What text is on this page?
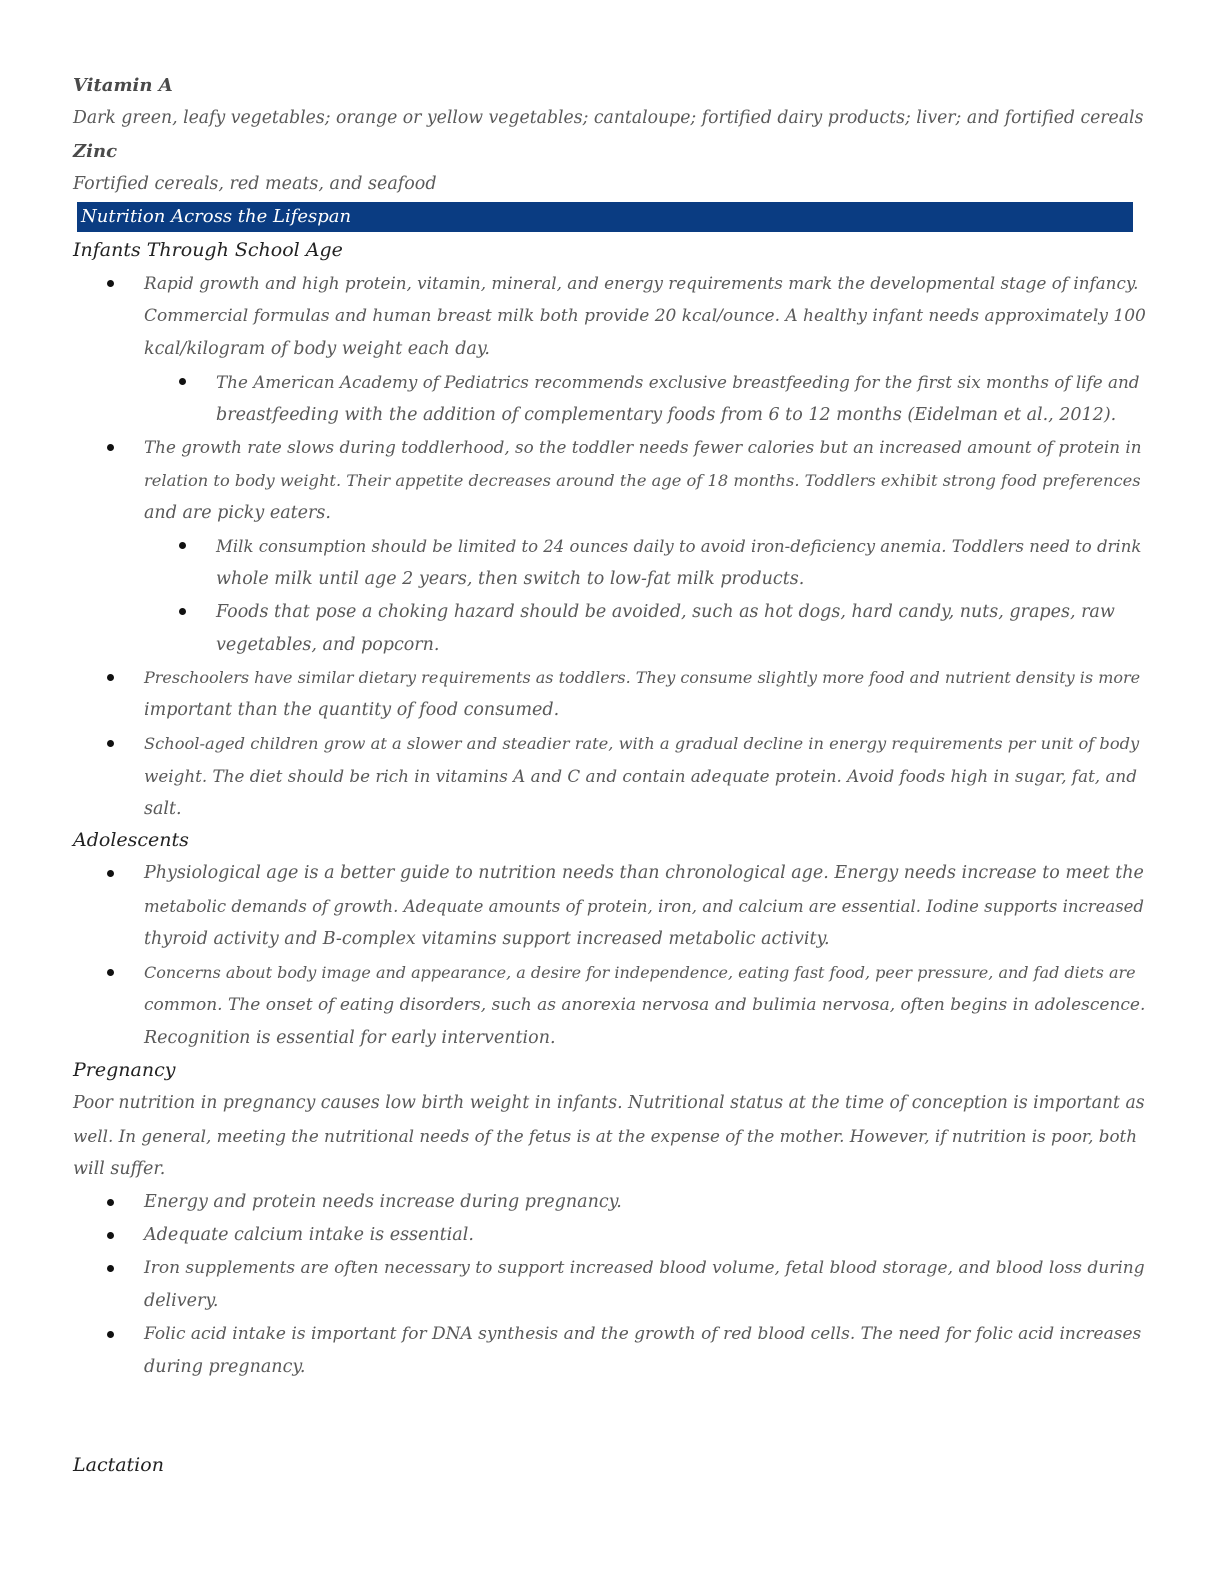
Vitamin A
Dark green, leafy vegetables; orange or yellow vegetables; cantaloupe; fortified dairy products; liver; and fortified cereals
Zinc
Fortified cereals, red meats, and seafood
Nutrition Across the Lifespan
Infants Through School Age
Rapid growth and high protein, vitamin, mineral, and energy requirements mark the developmental stage of infancy.
Commercial formulas and human breast milk both provide 20 kcal/ounce. A healthy infant needs approximately 100
kcal/kilogram of body weight each day.
The American Academy of Pediatrics recommends exclusive breastfeeding for the first six months of life and
breastfeeding with the addition of complementary foods from 6 to 12 months (Eidelman et al., 2012).
The growth rate slows during toddlerhood, so the toddler needs fewer calories but an increased amount of protein in
relation to body weight. Their appetite decreases around the age of 18 months. Toddlers exhibit strong food preferences
and are picky eaters.
Milk consumption should be limited to 24 ounces daily to avoid iron-deficiency anemia. Toddlers need to drink
whole milk until age 2 years, then switch to low-fat milk products.
Foods that pose a choking hazard should be avoided, such as hot dogs, hard candy, nuts, grapes, raw
vegetables, and popcorn.
Preschoolers have similar dietary requirements as toddlers. They consume slightly more food and nutrient density is more
important than the quantity of food consumed.
School-aged children grow at a slower and steadier rate, with a gradual decline in energy requirements per unit of body
weight. The diet should be rich in vitamins A and C and contain adequate protein. Avoid foods high in sugar, fat, and
salt.
Adolescents
Physiological age is a better guide to nutrition needs than chronological age. Energy needs increase to meet the
metabolic demands of growth. Adequate amounts of protein, iron, and calcium are essential. Iodine supports increased
thyroid activity and B-complex vitamins support increased metabolic activity.
Concerns about body image and appearance, a desire for independence, eating fast food, peer pressure, and fad diets are
common. The onset of eating disorders, such as anorexia nervosa and bulimia nervosa, often begins in adolescence.
Recognition is essential for early intervention.
Pregnancy
Poor nutrition in pregnancy causes low birth weight in infants. Nutritional status at the time of conception is important as
well. In general, meeting the nutritional needs of the fetus is at the expense of the mother. However, if nutrition is poor, both
will suffer.
Energy and protein needs increase during pregnancy.
Adequate calcium intake is essential.
Iron supplements are often necessary to support increased blood volume, fetal blood storage, and blood loss during
delivery.
Folic acid intake is important for DNA synthesis and the growth of red blood cells. The need for folic acid increases
during pregnancy.
Lactation
